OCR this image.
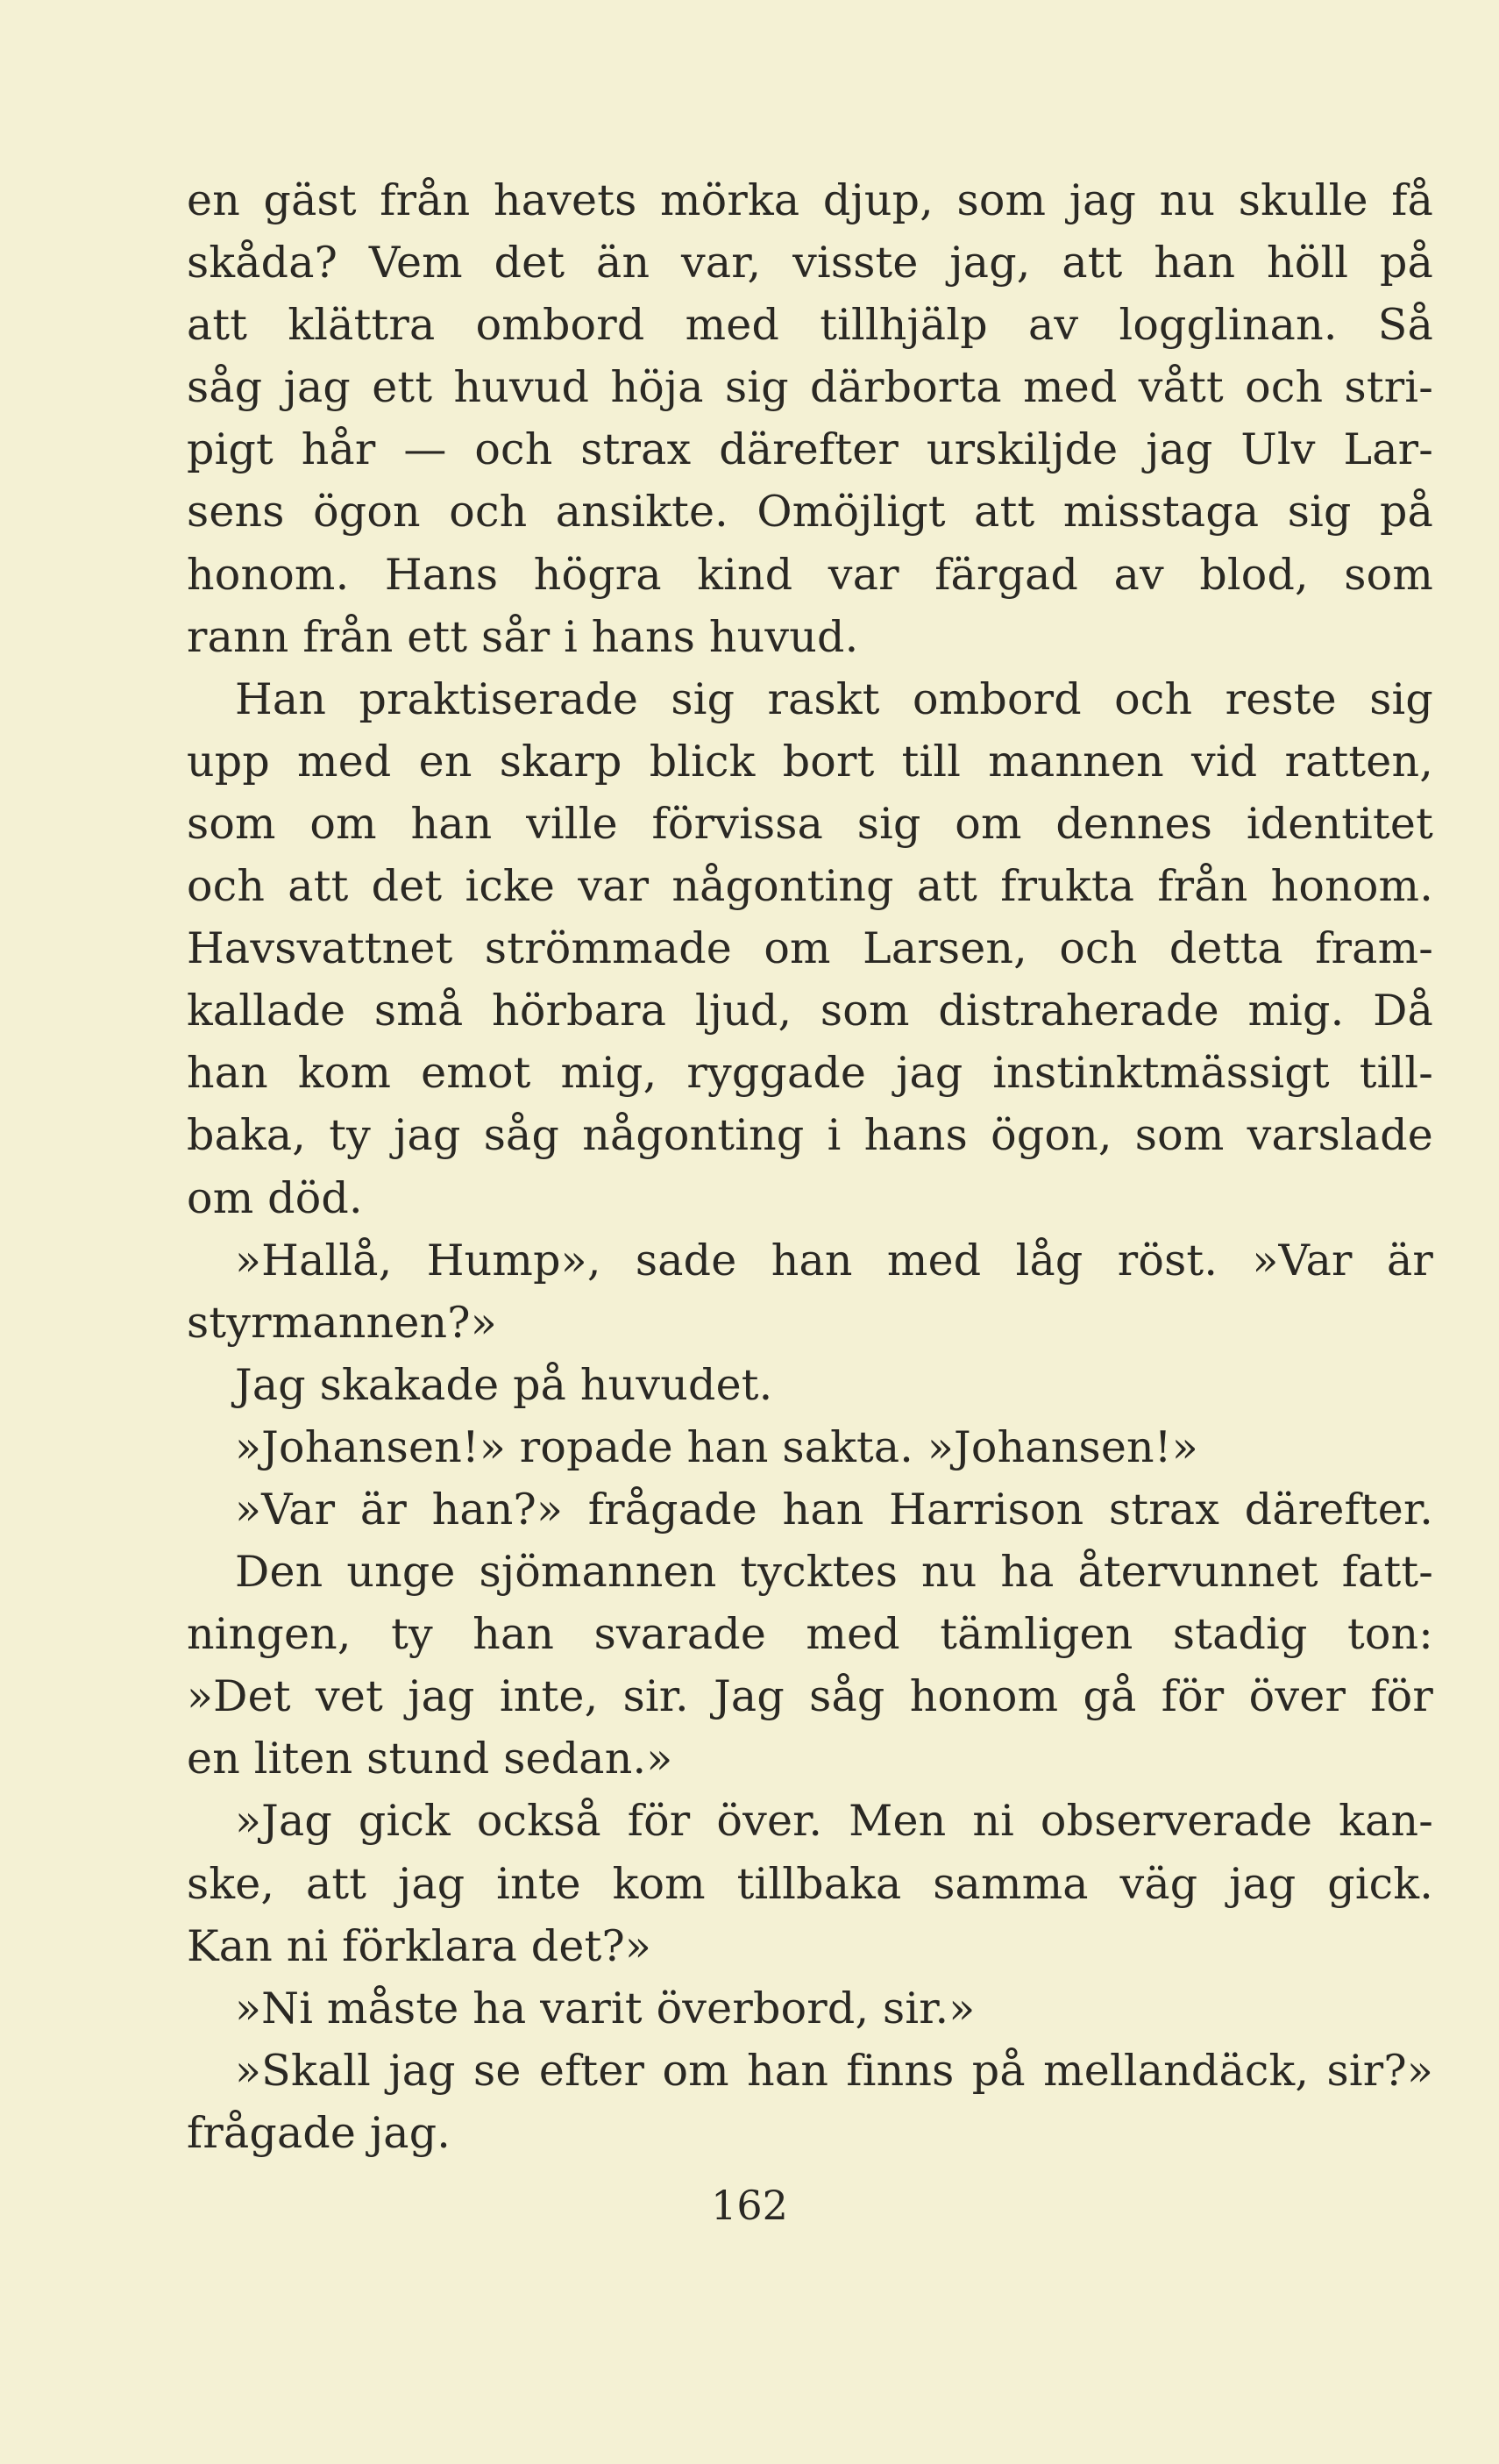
en gäst från havets mörka djup, som jag nu skulle få
skåda? Vem det än var, visste jag, att han höll på
att klättra ombord med tillhjälp av logglinan. Så
såg jag ett huvud höja sig därborta med vått och stri-
pigt hår — och strax därefter urskiljde jag Ulv Lar-
sens ögon och ansikte. Omöjligt att misstaga sig på
honom. Hans högra kind var färgad av blod, som
rann från ett sår i hans huvud.
Han praktiserade sig raskt ombord och reste sig
upp med en skarp blick bort till mannen vid ratten,
som om han ville förvissa sig om dennes identitet
och att det icke var någonting att frukta från honom.
Havsvattnet strömmade om Larsen, och detta fram-
kallade små hörbara ljud, som distraherade mig. Då
han kom emot mig, ryggade jag instinktmässigt till-
baka, ty jag såg någonting i hans ögon, som varslade
om död.
»Hallå, Hump», sade han med låg röst. »Var är
styrmannen?»
Jag skakade på huvudet.
»Johansen!» ropade han sakta. »Johansen!»
»Var är han?» frågade han Harrison strax därefter.
Den unge sjömannen tycktes nu ha återvunnet fatt-
ningen, ty han svarade med tämligen stadig ton:
»Det vet jag inte, sir. Jag såg honom gå för över för
en liten stund sedan.»
»Jag gick också för över. Men ni observerade kan-
ske, att jag inte kom tillbaka samma väg jag gick.
Kan ni förklara det?»
»Ni måste ha varit överbord, sir.»
»Skall jag se efter om han finns på mellandäck, sir?»
frågade jag.
162
